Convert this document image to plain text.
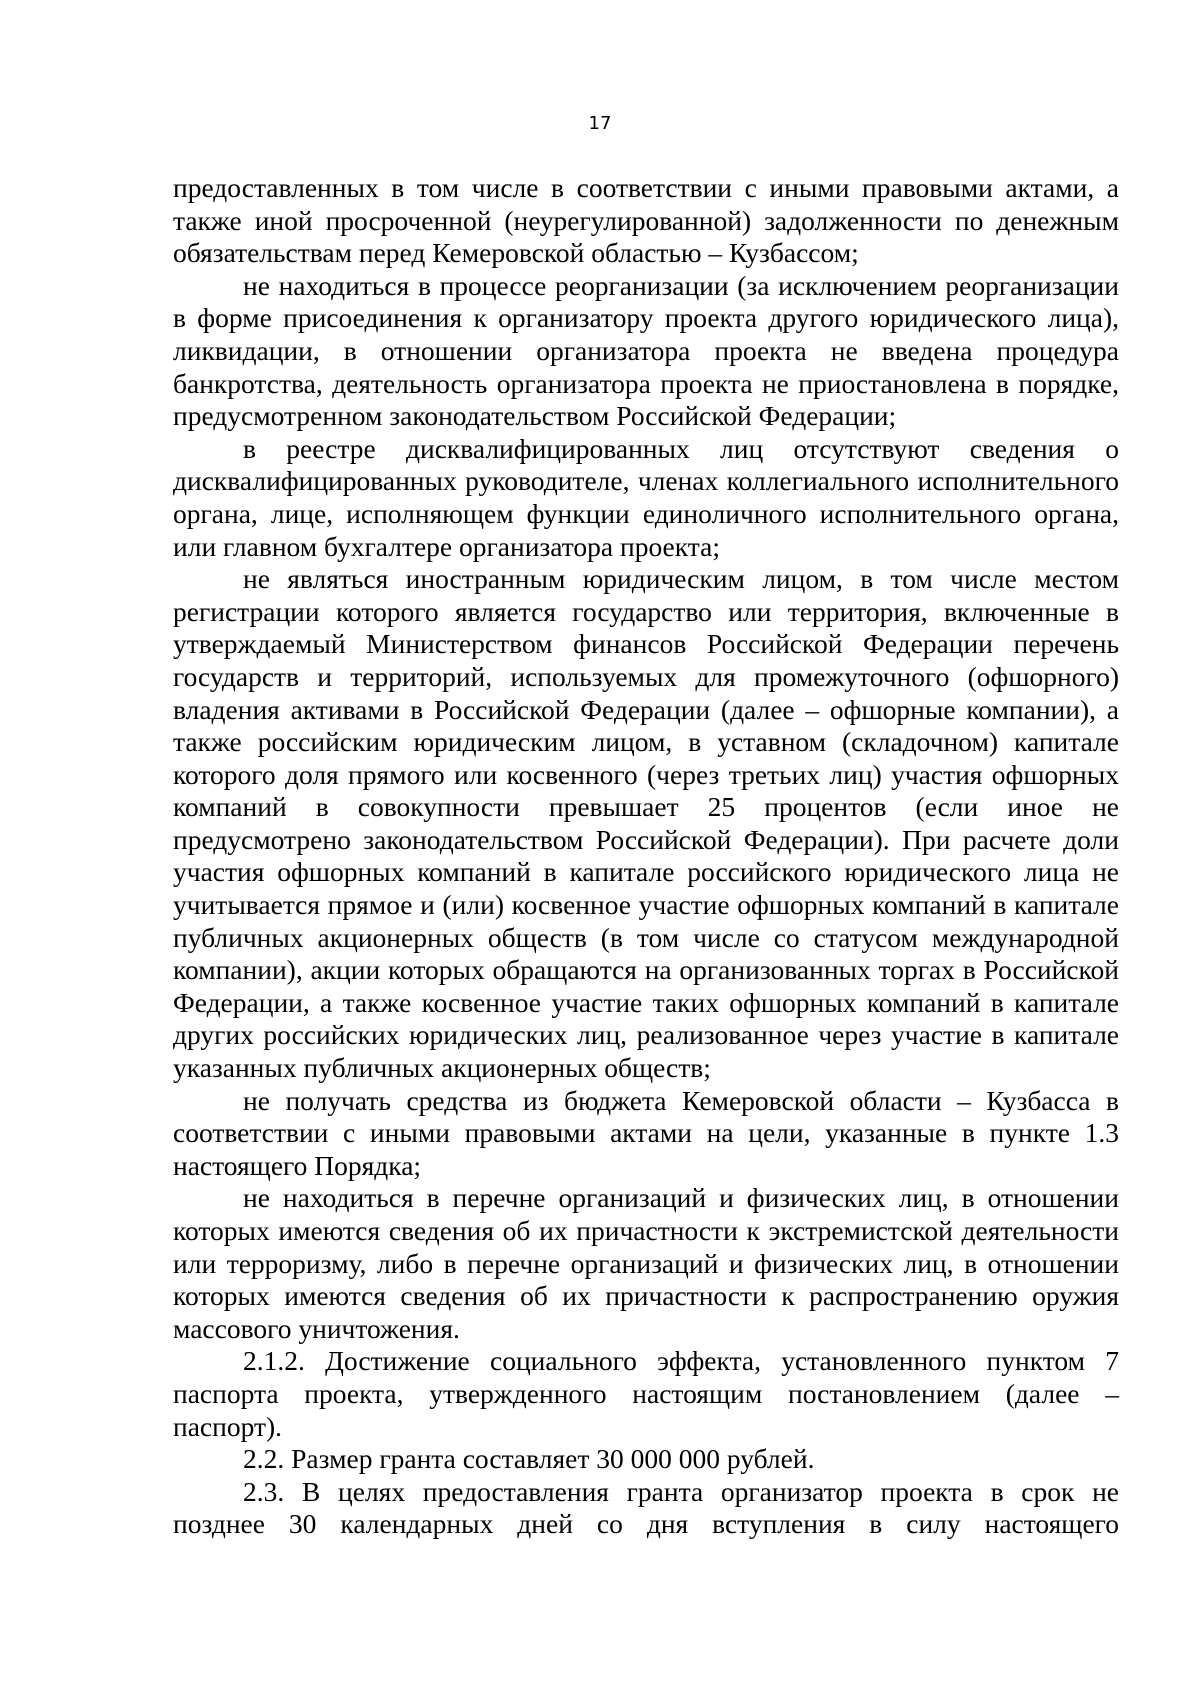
17

предоставленных в том числе в соответствии с иными правовыми актами, а также иной просроченной (неурегулированной) задолженности по денежным обязательствам перед Кемеровской областью – Кузбассом;

не находиться в процессе реорганизации (за исключением реорганизации в форме присоединения к организатору проекта другого юридического лица), ликвидации, в отношении организатора проекта не введена процедура банкротства, деятельность организатора проекта не приостановлена в порядке, предусмотренном законодательством Российской Федерации;

в реестре дисквалифицированных лиц отсутствуют сведения о дисквалифицированных руководителе, членах коллегиального исполнительного органа, лице, исполняющем функции единоличного исполнительного органа, или главном бухгалтере организатора проекта;

не являться иностранным юридическим лицом, в том числе местом регистрации которого является государство или территория, включенные в утверждаемый Министерством финансов Российской Федерации перечень государств и территорий, используемых для промежуточного (офшорного) владения активами в Российской Федерации (далее – офшорные компании), а также российским юридическим лицом, в уставном (складочном) капитале которого доля прямого или косвенного (через третьих лиц) участия офшорных компаний в совокупности превышает 25 процентов (если иное не предусмотрено законодательством Российской Федерации). При расчете доли участия офшорных компаний в капитале российского юридического лица не учитывается прямое и (или) косвенное участие офшорных компаний в капитале публичных акционерных обществ (в том числе со статусом международной компании), акции которых обращаются на организованных торгах в Российской Федерации, а также косвенное участие таких офшорных компаний в капитале других российских юридических лиц, реализованное через участие в капитале указанных публичных акционерных обществ;

не получать средства из бюджета Кемеровской области – Кузбасса в соответствии с иными правовыми актами на цели, указанные в пункте 1.3 настоящего Порядка;

не находиться в перечне организаций и физических лиц, в отношении которых имеются сведения об их причастности к экстремистской деятельности или терроризму, либо в перечне организаций и физических лиц, в отношении которых имеются сведения об их причастности к распространению оружия массового уничтожения.

2.1.2. Достижение социального эффекта, установленного пунктом 7 паспорта проекта, утвержденного настоящим постановлением (далее – паспорт).

2.2. Размер гранта составляет 30 000 000 рублей.

2.3. В целях предоставления гранта организатор проекта в срок не позднее 30 календарных дней со дня вступления в силу настоящего
